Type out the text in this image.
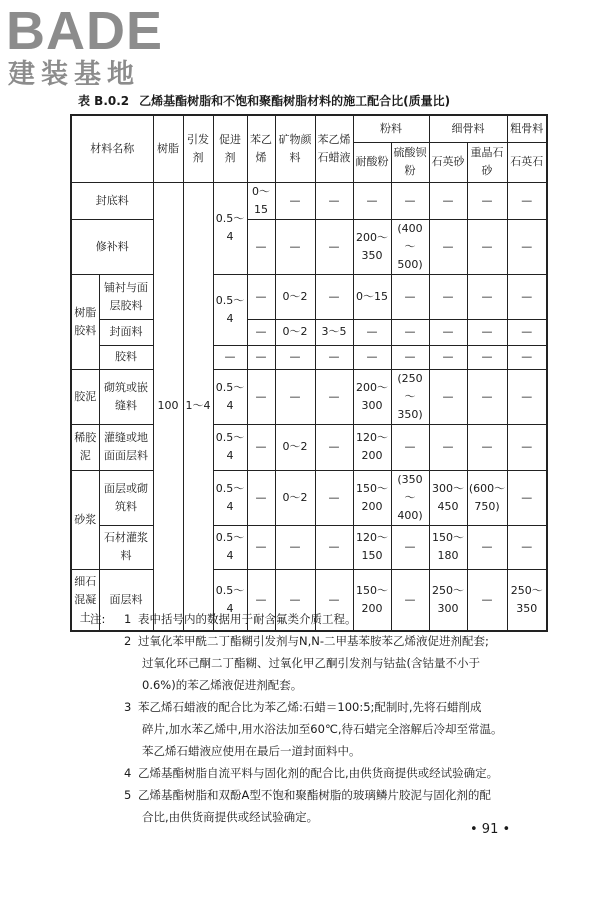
BADE
建装基地
表 B.0.2 乙烯基酯树脂和不饱和聚酯树脂材料的施工配合比(质量比)
材料名称		树脂	引发剂	促进剂	苯乙烯	矿物颜料	苯乙烯石蜡液	粉料		细骨料		粗骨料
								耐酸粉	硫酸钡粉	石英砂	重晶石砂	石英石
封底料		100	1～4	0.5～4	0～15	—	—	—	—	—	—	—
修补料					—	—	—	200～350	(400～500)	—	—	—
树脂胶料	铺衬与面层胶料			0.5～4	—	0～2	—	0～15	—	—	—	—
	封面料				—	0～2	3～5	—	—	—	—	—
	胶料			—	—	—	—	—	—	—	—	—
胶泥	砌筑或嵌缝料			0.5～4	—	—	—	200～300	(250～350)	—	—	—
稀胶泥	灌缝或地面面层料			0.5～4	—	0～2	—	120～200	—	—	—	—
砂浆	面层或砌筑料			0.5～4	—	0～2	—	150～200	(350～400)	300～450	(600～750)	—
	石材灌浆料			0.5～4	—	—	—	120～150	—	150～180	—	—
细石混凝土	面层料			0.5～4	—	—	—	150～200	—	250～300	—	250～350
注:	1 表中括号内的数据用于耐含氟类介质工程。
2 过氧化苯甲酰二丁酯糊引发剂与N,N-二甲基苯胺苯乙烯液促进剂配套;
过氧化环己酮二丁酯糊、过氧化甲乙酮引发剂与钴盐(含钴量不小于
0.6%)的苯乙烯液促进剂配套。
3 苯乙烯石蜡液的配合比为苯乙烯:石蜡＝100:5;配制时,先将石蜡削成
碎片,加水苯乙烯中,用水浴法加至60℃,待石蜡完全溶解后冷却至常温。
苯乙烯石蜡液应使用在最后一道封面料中。
4 乙烯基酯树脂自流平料与固化剂的配合比,由供货商提供或经试验确定。
5 乙烯基酯树脂和双酚A型不饱和聚酯树脂的玻璃鳞片胶泥与固化剂的配
合比,由供货商提供或经试验确定。
• 91 •
